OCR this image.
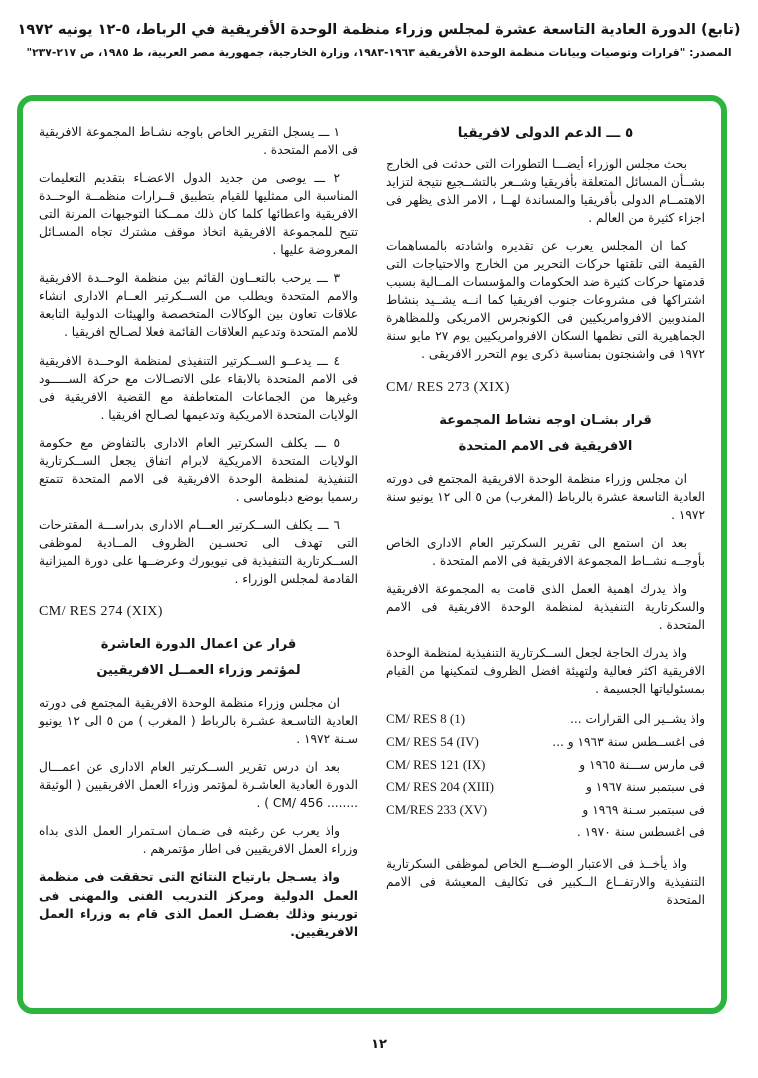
(تابع) الدورة العادية التاسعة عشرة لمجلس وزراء منظمة الوحدة الأفريقية في الرباط، ٥-١٢ يونيه ١٩٧٢
المصدر: "قرارات وتوصيات وبيانات منظمة الوحدة الأفريقية ١٩٦٣-١٩٨٣، وزارة الخارجية، جمهورية مصر العربية، ط ١٩٨٥، ص ٢١٧-٢٣٧"
٥ ـــ الدعم الدولى لافريقيا

بحث مجلس الوزراء أيضـــا التطورات التى حدثت فى الخارج بشــأن المسائل المتعلقة بأفريقيا وشــعر بالتشــجيع نتيجة لتزايد الاهتمــام الدولى بأفريقيا والمساندة لهــا ، الامر الذى يظهر فى اجزاء كثيرة من العالم .

كما ان المجلس يعرب عن تقديره واشادته بالمساهمات القيمة التى تلقتها حركات التحرير من الخارج والاحتياجات التى قدمتها حركات كثيرة ضد الحكومات والمؤسسات المــالية بسبب اشتراكها فى مشروعات جنوب افريقيا كما انــه يشــيد بنشاط المندوبين الافروامريكيين فى الكونجرس الامريكى وللمظاهرة الجماهيرية التى نظمها السكان الافروامريكيين يوم ٢٧ مايو سنة ١٩٧٢ فى واشنجتون بمناسبة ذكرى يوم التحرر الافريقى .

CM/ RES 273 (XIX)
قرار بشـان اوجه نشاط المجموعة
الافريقية فى الامم المتحدة

ان مجلس وزراء منظمة الوحدة الافريقية المجتمع فى دورته العادية التاسعة عشرة بالرباط (المغرب) من ٥ الى ١٢ يونيو سنة ١٩٧٢ .

بعد ان استمع الى تقرير السكرتير العام الادارى الخاص بأوجــه نشــاط المجموعة الافريقية فى الامم المتحدة .

واذ يدرك اهمية العمل الذى قامت به المجموعة الافريقية والسكرتارية التنفيذية لمنظمة الوحدة الافريقية فى الامم المتحدة .

واذ يدرك الحاجة لجعل الســكرتارية التنفيذية لمنظمة الوحدة الافريقية اكثر فعالية ولتهيئة افضل الظروف لتمكينها من القيام بمسئولياتها الجسيمة .

واذ يشــير الى القرارات ...
CM/ RES 8 (1)
فى اغســطس سنة ١٩٦٣ و ...
CM/ RES 54 (IV)
فى مارس ســـنة ١٩٦٥ و
CM/ RES 121 (IX)
فى سبتمبر سنة ١٩٦٧ و
CM/ RES 204 (XIII)
فى سبتمبر سـنة ١٩٦٩ و
CM/RES 233 (XV)
فى اغسطس سنة ١٩٧٠ .

واذ يأخــذ فى الاعتبار الوضـــع الخاص لموظفى السكرتارية التنفيذية والارتفــاع الــكبير فى تكاليف المعيشة فى الامم المتحدة

١ ـــ يسجل التقرير الخاص باوجه نشـاط المجموعة الافريقية فى الامم المتحدة .

٢ ـــ يوصى من جديد الدول الاعضـاء بتقديم التعليمات المناسبة الى ممثليها للقيام بتطبيق قــرارات منظمــة الوحــدة الافريقية واعطائها كلما كان ذلك ممــكنا التوجيهات المرنة التى تتيح للمجموعة الافريقية اتخاذ موقف مشترك تجاه المسـائل المعروضة عليها .

٣ ـــ يرحب بالتعــاون القائم بين منظمة الوحــدة الافريقية والامم المتحدة ويطلب من الســكرتير العــام الادارى انشاء علاقات تعاون بين الوكالات المتخصصة والهيئات الدولية التابعة للامم المتحدة وتدعيم العلاقات القائمة فعلا لصـالح افريقيا .

٤ ـــ يدعــو الســكرتير التنفيذى لمنظمة الوحــدة الافريقية فى الامم المتحدة بالابقاء على الاتصـالات مع حركة الســـــود وغيرها من الجماعات المتعاطفة مع القضية الافريقية فى الولايات المتحدة الامريكية وتدعيمها لصـالح افريقيا .

٥ ـــ يكلف السكرتير العام الادارى بالتفاوض مع حكومة الولايات المتحدة الامريكية لابرام اتفاق يجعل الســكرتارية التنفيذية لمنظمة الوحدة الافريقية فى الامم المتحدة تتمتع رسميا بوضع دبلوماسى .

٦ ـــ يكلف الســكرتير العـــام الادارى بدراســـة المقترحات التى تهدف الى تحسـين الظروف المــادية لموظفى الســكرتارية التنفيذية فى نيويورك وعرضــها على دورة الميزانية القادمة لمجلس الوزراء .

CM/ RES 274 (XIX)
قرار عن اعمال الدورة العاشرة
لمؤتمر وزراء العمــل الافريقيين

ان مجلس وزراء منظمة الوحدة الافريقية المجتمع فى دورته العادية التاسـعة عشـرة بالرباط ( المغرب ) من ٥ الى ١٢ يونيو سـنة ١٩٧٢ .

بعد ان درس تقرير الســكرتير العام الادارى عن اعمـــال الدورة العادية العاشـرة لمؤتمر وزراء العمل الافريقيين ( الوثيقة ........ CM/ 456 ) .

واذ يعرب عن رغبته فى ضـمان اسـتمرار العمل الذى بداه وزراء العمل الافريقيين فى اطار مؤتمرهم .

واذ يسـجل بارتياح النتائج التى تحققت فى منظمة العمل الدولية ومركز التدريب الفنى والمهنى فى تورينو وذلك بفضـل العمل الذى قام به وزراء العمل الافريقيين.

١٢
